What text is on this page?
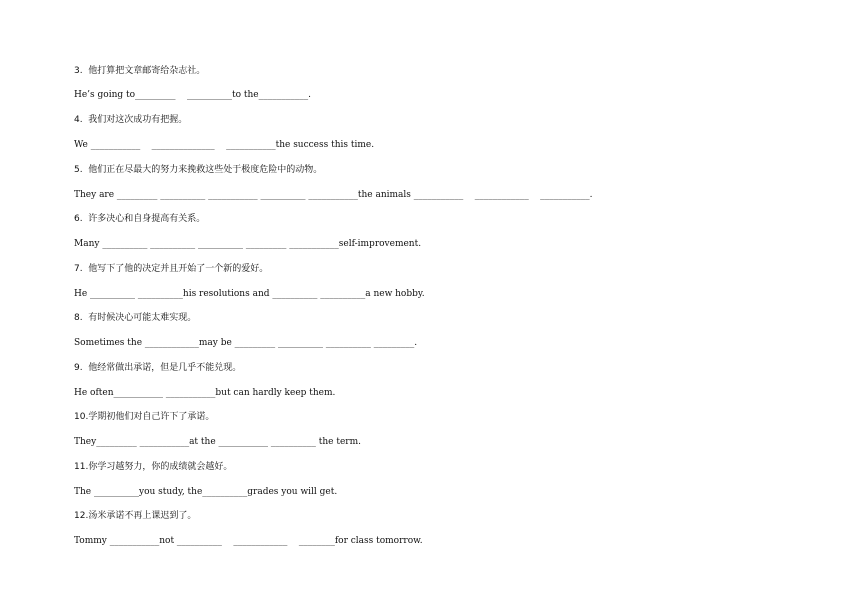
3.  他打算把文章邮寄给杂志社。
He’s going to_________    __________to the___________.
4.  我们对这次成功有把握。
We ___________    ______________    ___________the success this time.
5.  他们正在尽最大的努力来挽救这些处于极度危险中的动物。
They are _________ __________ ___________ __________ ___________the animals ___________    ____________    ___________.
6.  许多决心和自身提高有关系。
Many __________ __________ __________ _________ ___________self-improvement.
7.  他写下了他的决定并且开始了一个新的爱好。
He __________ __________his resolutions and __________ __________a new hobby.
8.  有时候决心可能太难实现。
Sometimes the ____________may be _________ __________ __________ _________.
9.  他经常做出承诺，但是几乎不能兑现。
He often___________ ___________but can hardly keep them.
10.学期初他们对自己许下了承诺。
They_________ ___________at the ___________ __________ the term.
11.你学习越努力，你的成绩就会越好。
The __________you study, the__________grades you will get.
12.汤米承诺不再上课迟到了。
Tommy ___________not __________    ____________    ________for class tomorrow.
